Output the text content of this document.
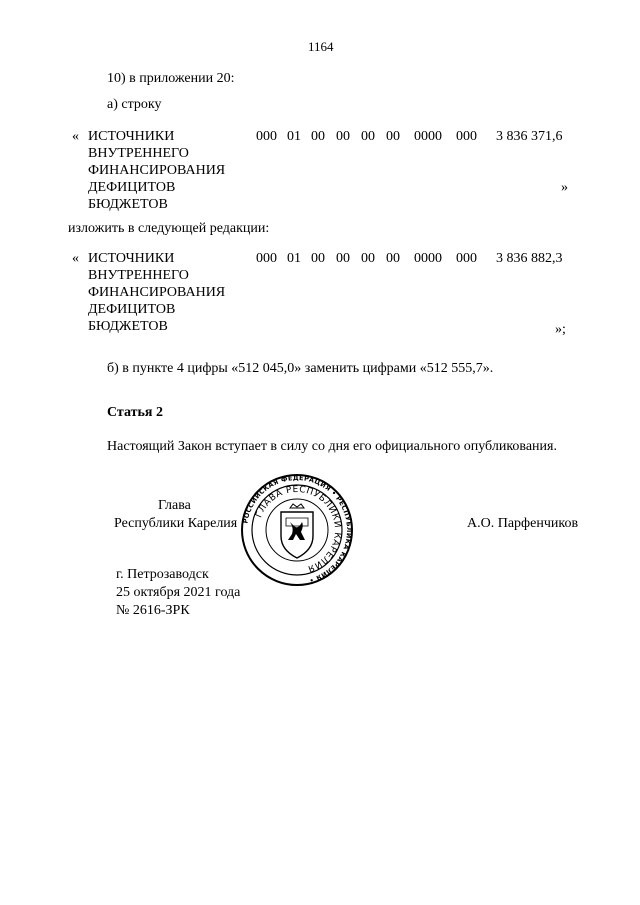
1164
10) в приложении 20:
а) строку
« ИСТОЧНИКИ
ВНУТРЕННЕГО
ФИНАНСИРОВАНИЯ
ДЕФИЦИТОВ
БЮДЖЕТОВ
000 01 00 00 00 00 0000 000 3 836 371,6
»
изложить в следующей редакции:
« ИСТОЧНИКИ
ВНУТРЕННЕГО
ФИНАНСИРОВАНИЯ
ДЕФИЦИТОВ
БЮДЖЕТОВ
000 01 00 00 00 00 0000 000 3 836 882,3
»;
б) в пункте 4 цифры «512 045,0» заменить цифрами «512 555,7».
Статья 2
Настоящий Закон вступает в силу со дня его официального опубликования.
Глава
Республики Карелия РОССИЙСКАЯ ФЕДЕРАЦИЯ • РЕСПУБЛИКА КАРЕЛИЯ •
ГЛАВА РЕСПУБЛИКИ КАРЕЛИЯ
А.О. Парфенчиков
г. Петрозаводск
25 октября 2021 года
№ 2616-ЗРК
